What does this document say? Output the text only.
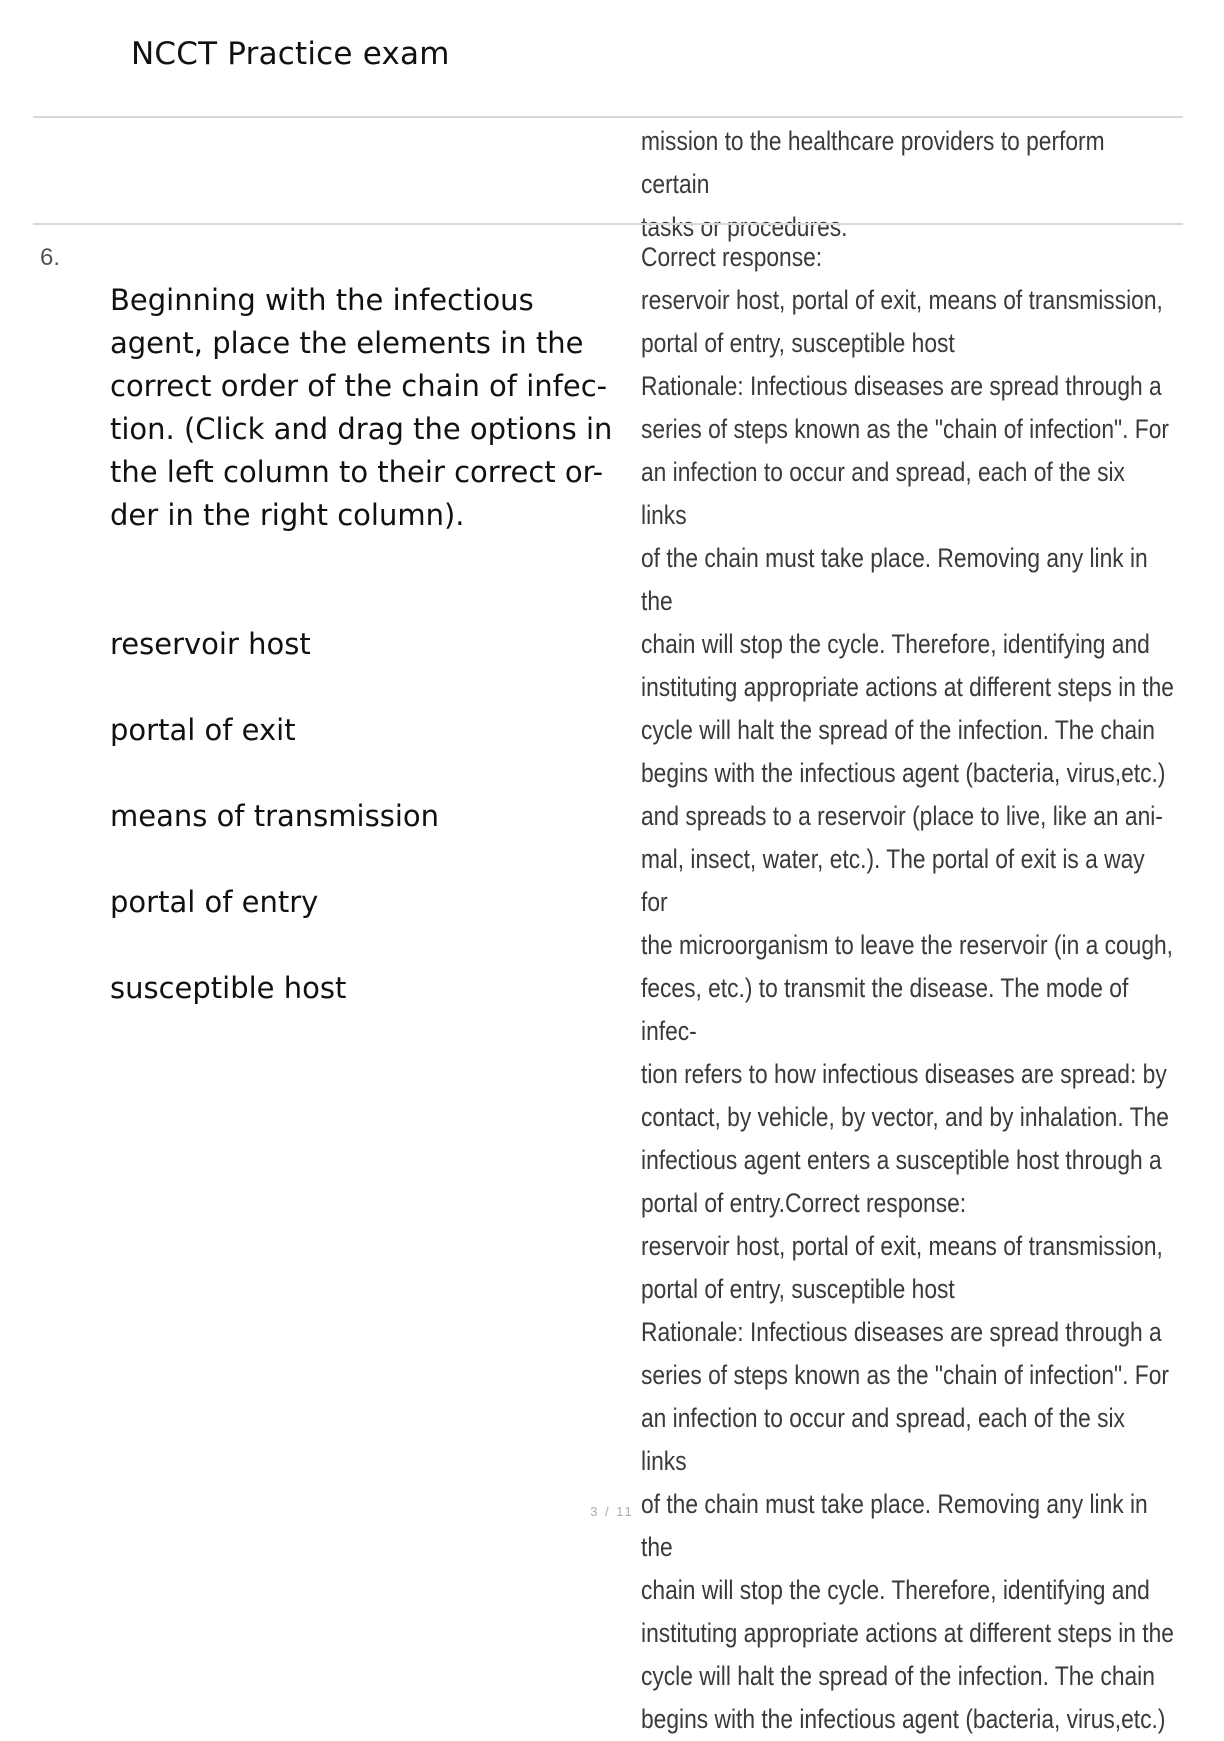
NCCT Practice exam
mission to the healthcare providers to perform certain
tasks or procedures.
6.

Beginning with the infectious
agent, place the elements in the
correct order of the chain of infec-
tion. (Click and drag the options in
the left column to their correct or-
der in the right column).

reservoir host

portal of exit

means of transmission

portal of entry

susceptible host

Correct response:
reservoir host, portal of exit, means of transmission,
portal of entry, susceptible host
Rationale: Infectious diseases are spread through a
series of steps known as the "chain of infection". For
an infection to occur and spread, each of the six links
of the chain must take place. Removing any link in the
chain will stop the cycle. Therefore, identifying and
instituting appropriate actions at different steps in the
cycle will halt the spread of the infection. The chain
begins with the infectious agent (bacteria, virus,etc.)
and spreads to a reservoir (place to live, like an ani-
mal, insect, water, etc.). The portal of exit is a way for
the microorganism to leave the reservoir (in a cough,
feces, etc.) to transmit the disease. The mode of infec-
tion refers to how infectious diseases are spread: by
contact, by vehicle, by vector, and by inhalation. The
infectious agent enters a susceptible host through a
portal of entry.Correct response:
reservoir host, portal of exit, means of transmission,
portal of entry, susceptible host
Rationale: Infectious diseases are spread through a
series of steps known as the "chain of infection". For
an infection to occur and spread, each of the six links
of the chain must take place. Removing any link in the
chain will stop the cycle. Therefore, identifying and
instituting appropriate actions at different steps in the
cycle will halt the spread of the infection. The chain
begins with the infectious agent (bacteria, virus,etc.)
3 / 11
